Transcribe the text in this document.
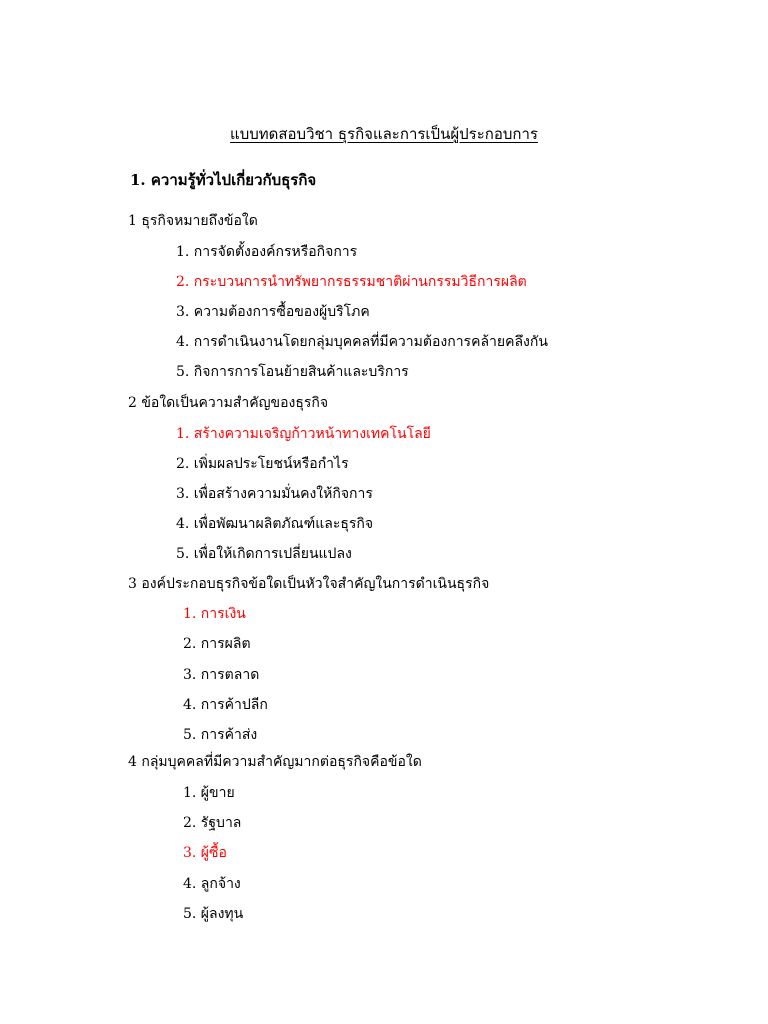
แบบทดสอบวิชา ธุรกิจและการเป็นผู้ประกอบการ
1. ความรู้ทั่วไปเกี่ยวกับธุรกิจ
1 ธุรกิจหมายถึงข้อใด
1. การจัดตั้งองค์กรหรือกิจการ
2. กระบวนการนำทรัพยากรธรรมชาติผ่านกรรมวิธีการผลิต
3. ความต้องการซื้อของผู้บริโภค
4. การดำเนินงานโดยกลุ่มบุคคลที่มีความต้องการคล้ายคลึงกัน
5. กิจการการโอนย้ายสินค้าและบริการ
2 ข้อใดเป็นความสำคัญของธุรกิจ
1. สร้างความเจริญก้าวหน้าทางเทคโนโลยี
2. เพิ่มผลประโยชน์หรือกำไร
3. เพื่อสร้างความมั่นคงให้กิจการ
4. เพื่อพัฒนาผลิตภัณฑ์และธุรกิจ
5. เพื่อให้เกิดการเปลี่ยนแปลง
3 องค์ประกอบธุรกิจข้อใดเป็นหัวใจสำคัญในการดำเนินธุรกิจ
1. การเงิน
2. การผลิต
3. การตลาด
4. การค้าปลีก
5. การค้าส่ง
4 กลุ่มบุคคลที่มีความสำคัญมากต่อธุรกิจคือข้อใด
1. ผู้ขาย
2. รัฐบาล
3. ผู้ซื้อ
4. ลูกจ้าง
5. ผู้ลงทุน
